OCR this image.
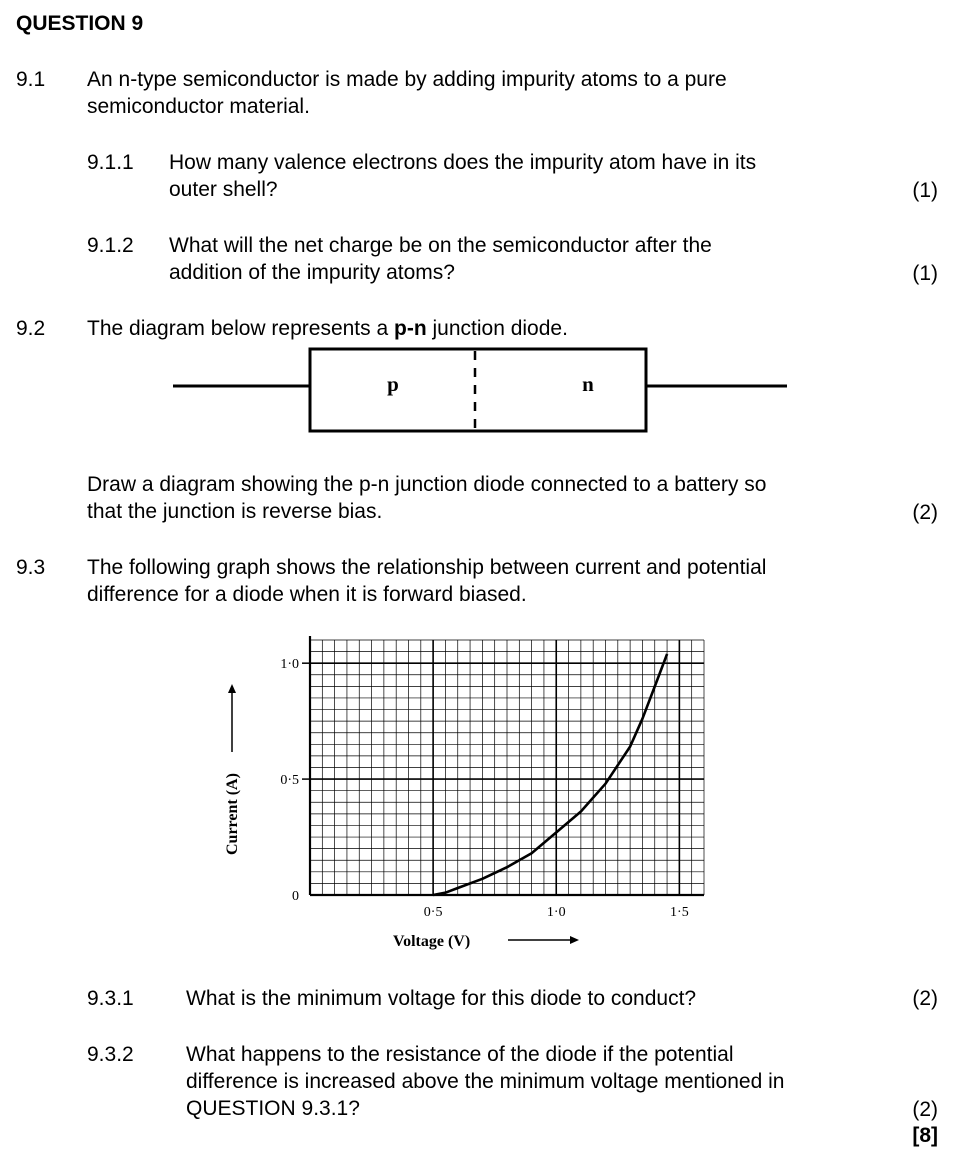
QUESTION 9
9.1 An n-type semiconductor is made by adding impurity atoms to a pure
semiconductor material.
9.1.1 How many valence electrons does the impurity atom have in its
outer shell?	(1)
9.1.2 What will the net charge be on the semiconductor after the
addition of the impurity atoms?	(1)
9.2 The diagram below represents a p-n junction diode.
p	n
Draw a diagram showing the p-n junction diode connected to a battery so
that the junction is reverse bias.	(2)
9.3 The following graph shows the relationship between current and potential
difference for a diode when it is forward biased.
0·5	1·0	1·5
0
0·5
1·0
Voltage (V)
Current (A)
9.3.1 What is the minimum voltage for this diode to conduct?	(2)
9.3.2 What happens to the resistance of the diode if the potential
difference is increased above the minimum voltage mentioned in
QUESTION 9.3.1?	(2)
[8]
